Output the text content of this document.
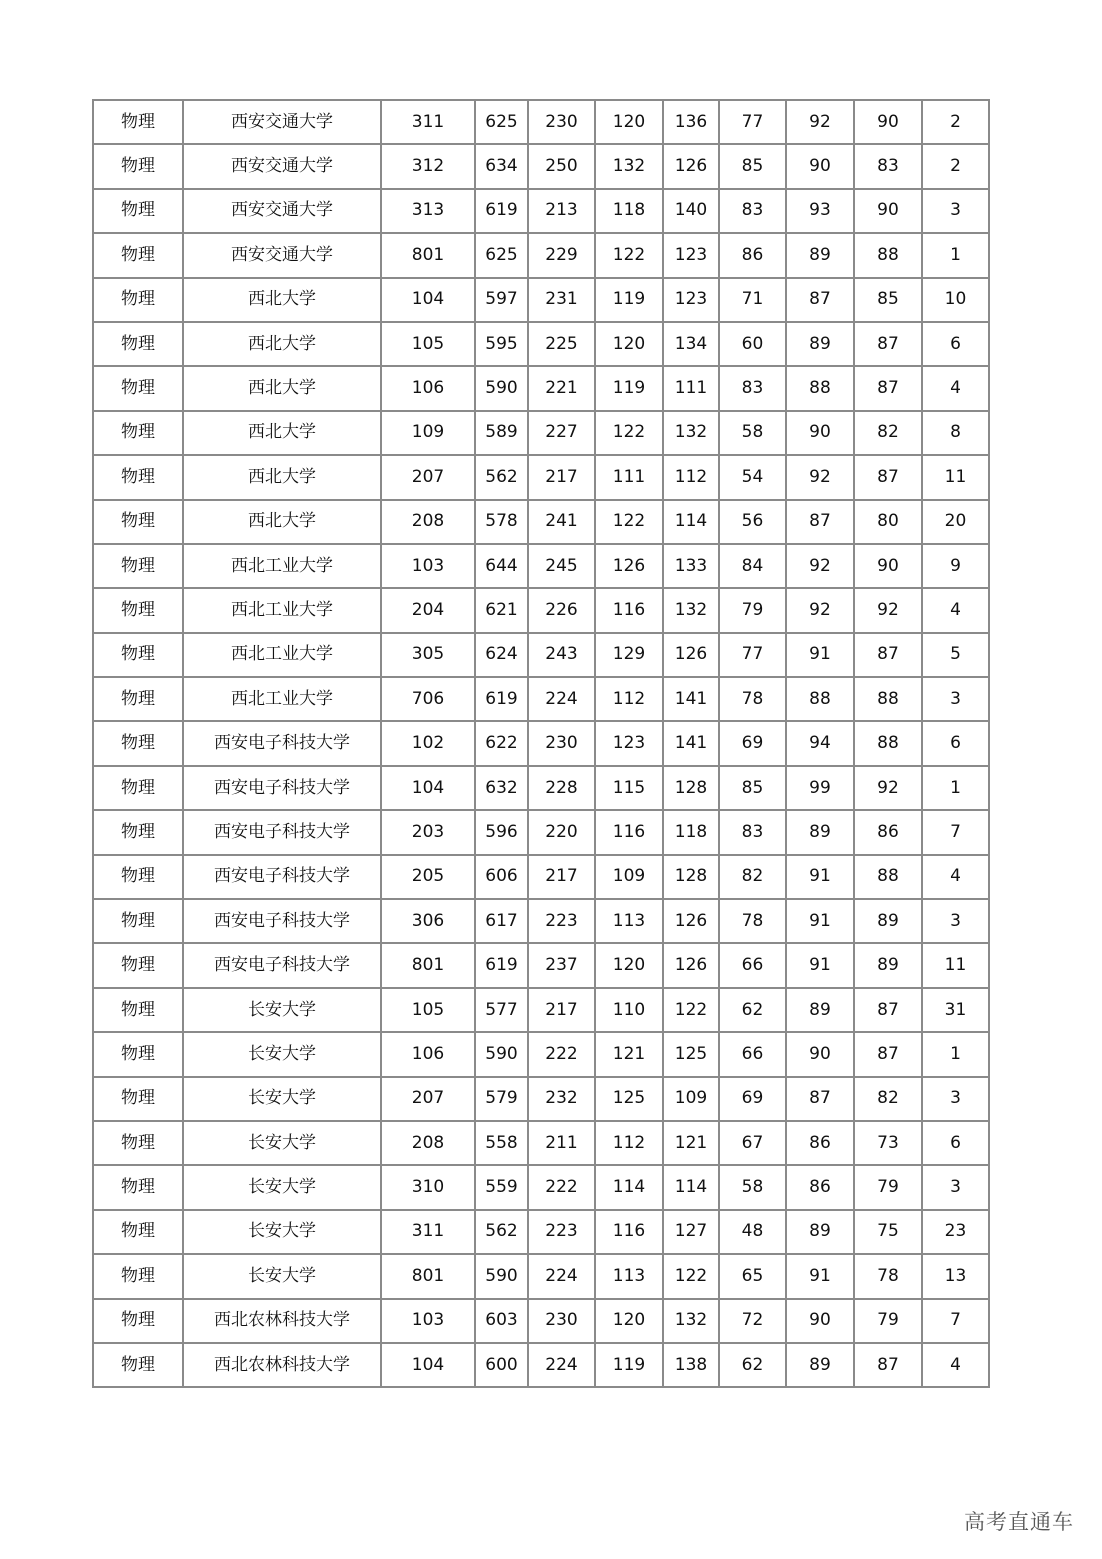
物理	西安交通大学	311	625	230	120	136	77	92	90	2
物理	西安交通大学	312	634	250	132	126	85	90	83	2
物理	西安交通大学	313	619	213	118	140	83	93	90	3
物理	西安交通大学	801	625	229	122	123	86	89	88	1
物理	西北大学	104	597	231	119	123	71	87	85	10
物理	西北大学	105	595	225	120	134	60	89	87	6
物理	西北大学	106	590	221	119	111	83	88	87	4
物理	西北大学	109	589	227	122	132	58	90	82	8
物理	西北大学	207	562	217	111	112	54	92	87	11
物理	西北大学	208	578	241	122	114	56	87	80	20
物理	西北工业大学	103	644	245	126	133	84	92	90	9
物理	西北工业大学	204	621	226	116	132	79	92	92	4
物理	西北工业大学	305	624	243	129	126	77	91	87	5
物理	西北工业大学	706	619	224	112	141	78	88	88	3
物理	西安电子科技大学	102	622	230	123	141	69	94	88	6
物理	西安电子科技大学	104	632	228	115	128	85	99	92	1
物理	西安电子科技大学	203	596	220	116	118	83	89	86	7
物理	西安电子科技大学	205	606	217	109	128	82	91	88	4
物理	西安电子科技大学	306	617	223	113	126	78	91	89	3
物理	西安电子科技大学	801	619	237	120	126	66	91	89	11
物理	长安大学	105	577	217	110	122	62	89	87	31
物理	长安大学	106	590	222	121	125	66	90	87	1
物理	长安大学	207	579	232	125	109	69	87	82	3
物理	长安大学	208	558	211	112	121	67	86	73	6
物理	长安大学	310	559	222	114	114	58	86	79	3
物理	长安大学	311	562	223	116	127	48	89	75	23
物理	长安大学	801	590	224	113	122	65	91	78	13
物理	西北农林科技大学	103	603	230	120	132	72	90	79	7
物理	西北农林科技大学	104	600	224	119	138	62	89	87	4
高考直通车
